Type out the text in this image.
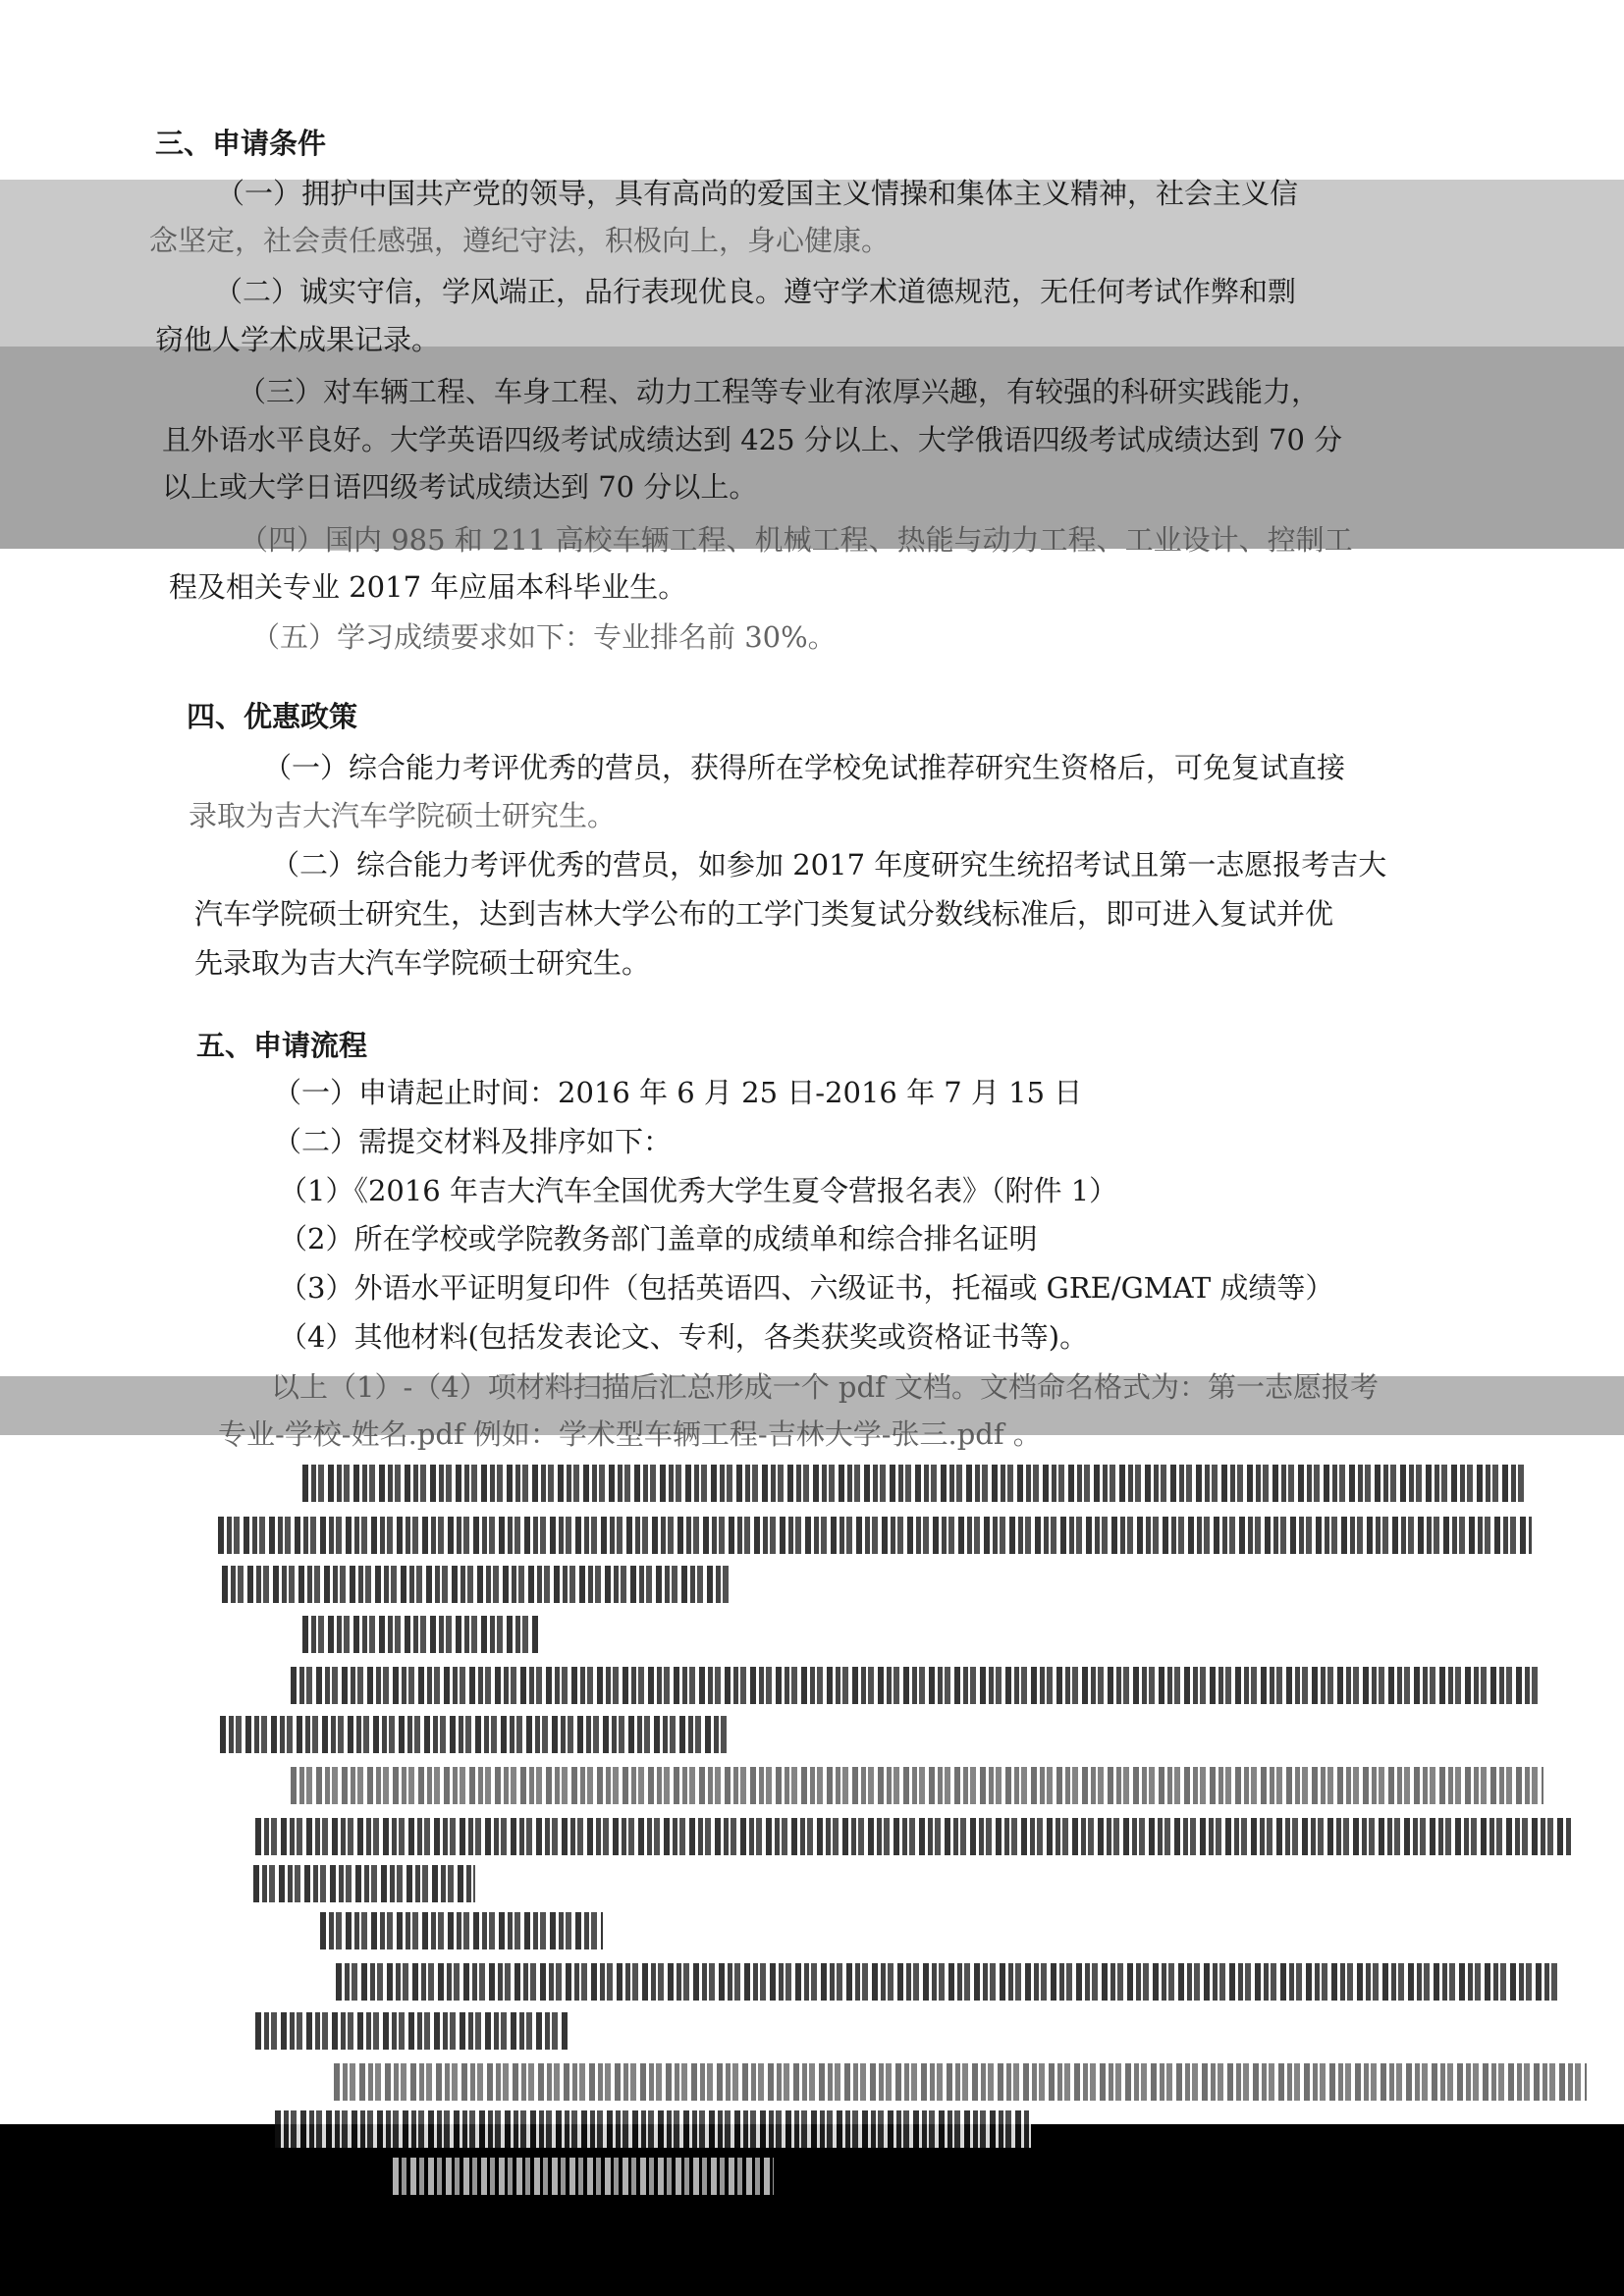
三、申请条件
（一）拥护中国共产党的领导，具有高尚的爱国主义情操和集体主义精神，社会主义信
念坚定，社会责任感强，遵纪守法，积极向上，身心健康。
（二）诚实守信，学风端正，品行表现优良。遵守学术道德规范，无任何考试作弊和剽
窃他人学术成果记录。
（三）对车辆工程、车身工程、动力工程等专业有浓厚兴趣，有较强的科研实践能力，
且外语水平良好。大学英语四级考试成绩达到 425 分以上、大学俄语四级考试成绩达到 70 分
以上或大学日语四级考试成绩达到 70 分以上。
（四）国内 985 和 211 高校车辆工程、机械工程、热能与动力工程、工业设计、控制工
程及相关专业 2017 年应届本科毕业生。
（五）学习成绩要求如下：专业排名前 30%。
四、优惠政策
（一）综合能力考评优秀的营员，获得所在学校免试推荐研究生资格后，可免复试直接
录取为吉大汽车学院硕士研究生。
（二）综合能力考评优秀的营员，如参加 2017 年度研究生统招考试且第一志愿报考吉大
汽车学院硕士研究生，达到吉林大学公布的工学门类复试分数线标准后，即可进入复试并优
先录取为吉大汽车学院硕士研究生。
五、申请流程
（一）申请起止时间：2016 年 6 月 25 日-2016 年 7 月 15 日
（二）需提交材料及排序如下：
（1）《2016 年吉大汽车全国优秀大学生夏令营报名表》（附件 1）
（2）所在学校或学院教务部门盖章的成绩单和综合排名证明
（3）外语水平证明复印件（包括英语四、六级证书，托福或 GRE/GMAT 成绩等）
（4）其他材料(包括发表论文、专利，各类获奖或资格证书等)。
以上（1）-（4）项材料扫描后汇总形成一个 pdf 文档。文档命名格式为：第一志愿报考
专业-学校-姓名.pdf 例如：学术型车辆工程-吉林大学-张三.pdf 。
